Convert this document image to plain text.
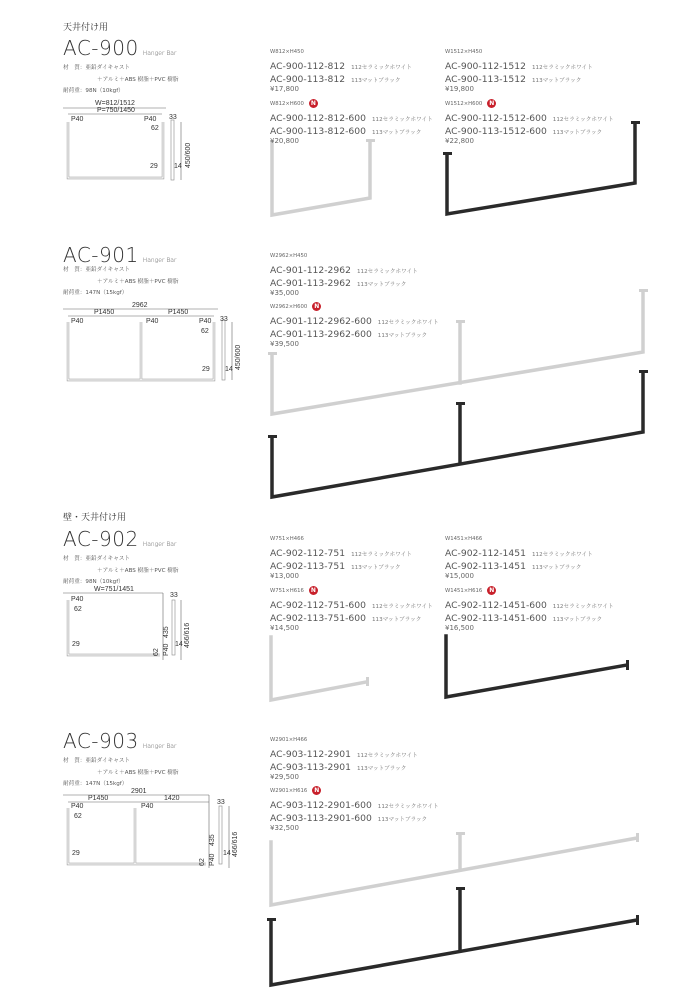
W=812/1512
P=750/1450
P40	P40 33
62
29 14 450/600
2962
P1450	P1450
P40	P40	P40 33
62
29 14 450/600
W=751/1451
P40
62
29
62 P40
435
33
14 466/616
2901
P1450	1420
P40	P40
62
29
62 P40
435
33
14 466/616
天井付け用
AC-900 Hanger Bar
材　質：亜鉛ダイキャスト
＋アルミ＋ABS 樹脂＋PVC 樹脂
耐荷重：98N（10kgf）
W812×H450
AC-900-112-812 112セラミックホワイト
AC-900-113-812 113マットブラック
¥17,800
W1512×H450
AC-900-112-1512 112セラミックホワイト
AC-900-113-1512 113マットブラック
¥19,800
W812×H600 N
AC-900-112-812-600 112セラミックホワイト
AC-900-113-812-600 113マットブラック
¥20,800
W1512×H600 N
AC-900-112-1512-600 112セラミックホワイト
AC-900-113-1512-600 113マットブラック
¥22,800
AC-901 Hanger Bar
材　質：亜鉛ダイキャスト
＋アルミ＋ABS 樹脂＋PVC 樹脂
耐荷重：147N（15kgf）
W2962×H450
AC-901-112-2962 112セラミックホワイト
AC-901-113-2962 113マットブラック
¥35,000
W2962×H600 N
AC-901-112-2962-600 112セラミックホワイト
AC-901-113-2962-600 113マットブラック
¥39,500
壁・天井付け用
AC-902 Hanger Bar
材　質：亜鉛ダイキャスト
＋アルミ＋ABS 樹脂＋PVC 樹脂
耐荷重：98N（10kgf）
W751×H466
AC-902-112-751 112セラミックホワイト
AC-902-113-751 113マットブラック
¥13,000
W1451×H466
AC-902-112-1451 112セラミックホワイト
AC-902-113-1451 113マットブラック
¥15,000
W751×H616 N
AC-902-112-751-600 112セラミックホワイト
AC-902-113-751-600 113マットブラック
¥14,500
W1451×H616 N
AC-902-112-1451-600 112セラミックホワイト
AC-902-113-1451-600 113マットブラック
¥16,500
AC-903 Hanger Bar
材　質：亜鉛ダイキャスト
＋アルミ＋ABS 樹脂＋PVC 樹脂
耐荷重：147N（15kgf）
W2901×H466
AC-903-112-2901 112セラミックホワイト
AC-903-113-2901 113マットブラック
¥29,500
W2901×H616 N
AC-903-112-2901-600 112セラミックホワイト
AC-903-113-2901-600 113マットブラック
¥32,500
